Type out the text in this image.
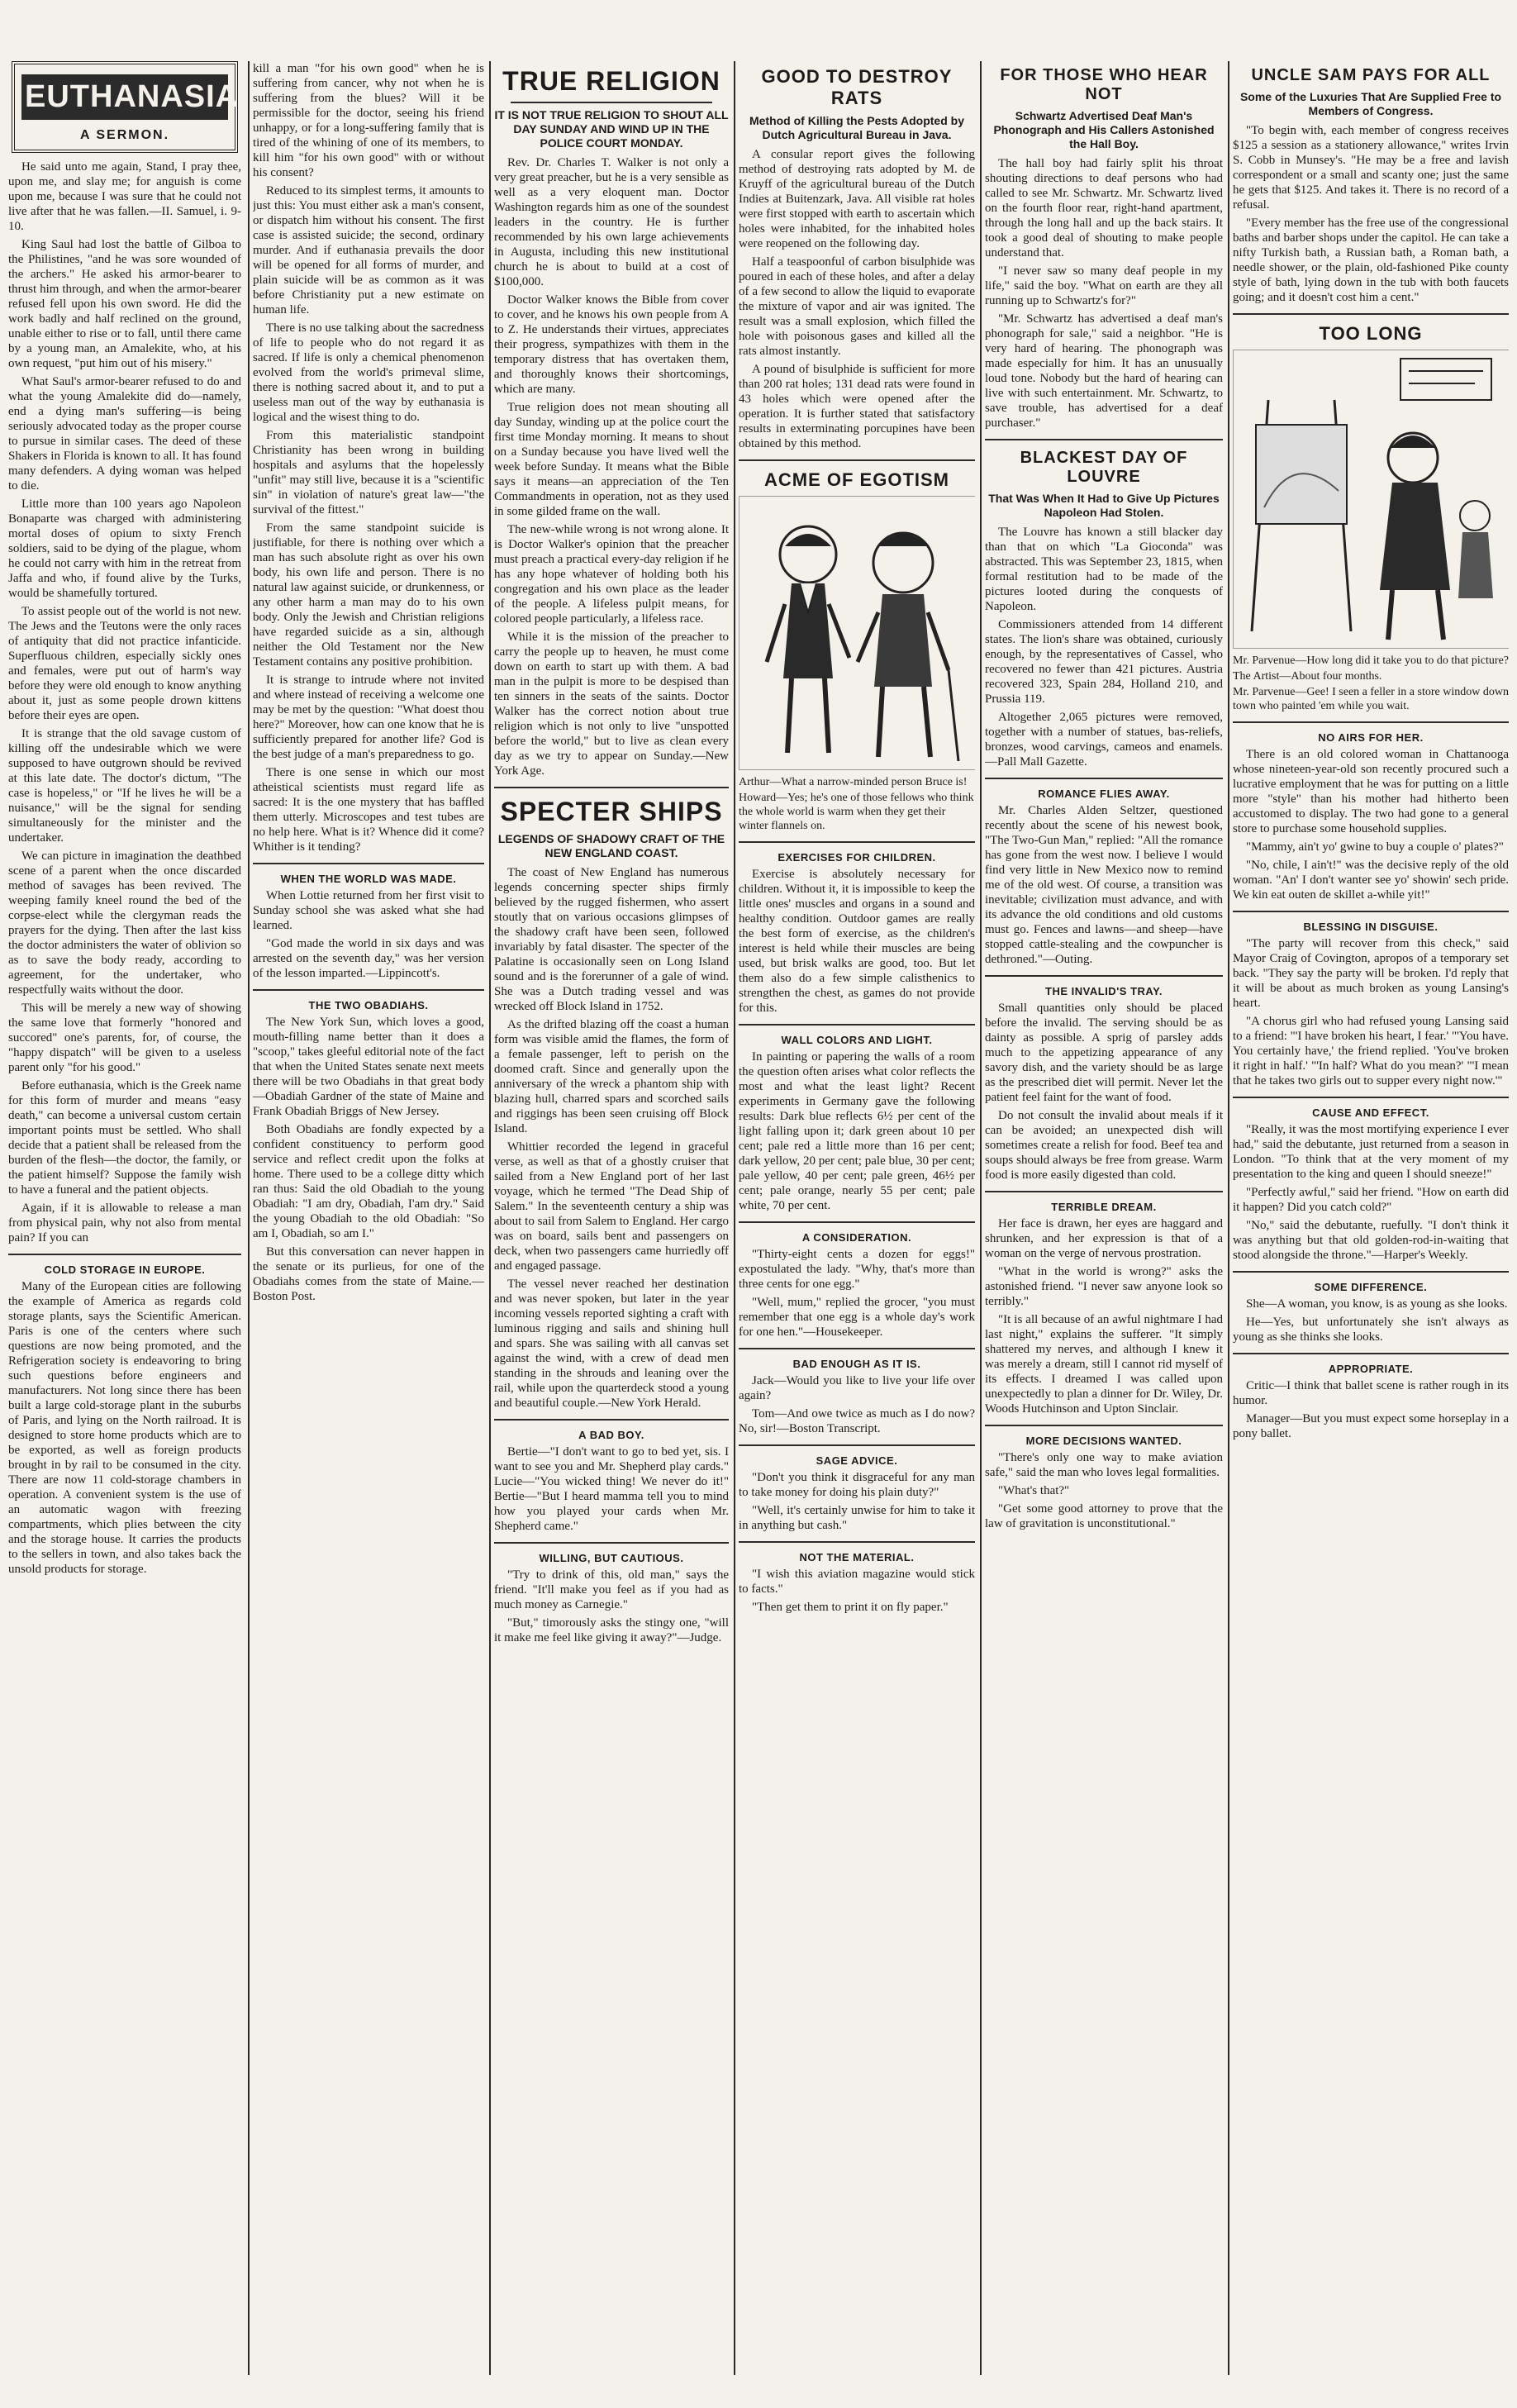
EUTHANASIA
A SERMON.

He said unto me again, Stand, I pray thee, upon me, and slay me; for anguish is come upon me, because I was sure that he could not live after that he was fallen.—II. Samuel, i. 9-10.

King Saul had lost the battle of Gilboa to the Philistines, "and he was sore wounded of the archers." He asked his armor-bearer to thrust him through, and when the armor-bearer refused fell upon his own sword. He did the work badly and half reclined on the ground, unable either to rise or to fall, until there came by a young man, an Amalekite, who, at his own request, "put him out of his misery."

What Saul's armor-bearer refused to do and what the young Amalekite did do—namely, end a dying man's suffering—is being seriously advocated today as the proper course to pursue in similar cases. The deed of these Shakers in Florida is known to all. It has found many defenders. A dying woman was helped to die.

Little more than 100 years ago Napoleon Bonaparte was charged with administering mortal doses of opium to sixty French soldiers, said to be dying of the plague, whom he could not carry with him in the retreat from Jaffa and who, if found alive by the Turks, would be shamefully tortured.

To assist people out of the world is not new. The Jews and the Teutons were the only races of antiquity that did not practice infanticide. Superfluous children, especially sickly ones and females, were put out of harm's way before they were old enough to know anything about it, just as some people drown kittens before their eyes are open.

It is strange that the old savage custom of killing off the undesirable which we were supposed to have outgrown should be revived at this late date. The doctor's dictum, "The case is hopeless," or "If he lives he will be a nuisance," will be the signal for sending simultaneously for the minister and the undertaker.

We can picture in imagination the deathbed scene of a parent when the once discarded method of savages has been revived. The weeping family kneel round the bed of the corpse-elect while the clergyman reads the prayers for the dying. Then after the last kiss the doctor administers the water of oblivion so as to save the body ready, according to agreement, for the undertaker, who respectfully waits without the door.

This will be merely a new way of showing the same love that formerly "honored and succored" one's parents, for, of course, the "happy dispatch" will be given to a useless parent only "for his good."

Before euthanasia, which is the Greek name for this form of murder and means "easy death," can become a universal custom certain important points must be settled. Who shall decide that a patient shall be released from the burden of the flesh—the doctor, the family, or the patient himself? Suppose the family wish to have a funeral and the patient objects.

Again, if it is allowable to release a man from physical pain, why not also from mental pain? If you can

COLD STORAGE IN EUROPE.

Many of the European cities are following the example of America as regards cold storage plants, says the Scientific American. Paris is one of the centers where such questions are now being promoted, and the Refrigeration society is endeavoring to bring such questions before engineers and manufacturers. Not long since there has been built a large cold-storage plant in the suburbs of Paris, and lying on the North railroad. It is designed to store home products which are to be exported, as well as foreign products brought in by rail to be consumed in the city. There are now 11 cold-storage chambers in operation. A convenient system is the use of an automatic wagon with freezing compartments, which plies between the city and the storage house. It carries the products to the sellers in town, and also takes back the unsold products for storage.

kill a man "for his own good" when he is suffering from cancer, why not when he is suffering from the blues? Will it be permissible for the doctor, seeing his friend unhappy, or for a long-suffering family that is tired of the whining of one of its members, to kill him "for his own good" with or without his consent?

Reduced to its simplest terms, it amounts to just this: You must either ask a man's consent, or dispatch him without his consent. The first case is assisted suicide; the second, ordinary murder. And if euthanasia prevails the door will be opened for all forms of murder, and plain suicide will be as common as it was before Christianity put a new estimate on human life.

There is no use talking about the sacredness of life to people who do not regard it as sacred. If life is only a chemical phenomenon evolved from the world's primeval slime, there is nothing sacred about it, and to put a useless man out of the way by euthanasia is logical and the wisest thing to do.

From this materialistic standpoint Christianity has been wrong in building hospitals and asylums that the hopelessly "unfit" may still live, because it is a "scientific sin" in violation of nature's great law—"the survival of the fittest."

From the same standpoint suicide is justifiable, for there is nothing over which a man has such absolute right as over his own body, his own life and person. There is no natural law against suicide, or drunkenness, or any other harm a man may do to his own body. Only the Jewish and Christian religions have regarded suicide as a sin, although neither the Old Testament nor the New Testament contains any positive prohibition.

It is strange to intrude where not invited and where instead of receiving a welcome one may be met by the question: "What doest thou here?" Moreover, how can one know that he is sufficiently prepared for another life? God is the best judge of a man's preparedness to go.

There is one sense in which our most atheistical scientists must regard life as sacred: It is the one mystery that has baffled them utterly. Microscopes and test tubes are no help here. What is it? Whence did it come? Whither is it tending?

WHEN THE WORLD WAS MADE.

When Lottie returned from her first visit to Sunday school she was asked what she had learned.

"God made the world in six days and was arrested on the seventh day," was her version of the lesson imparted.—Lippincott's.

THE TWO OBADIAHS.

The New York Sun, which loves a good, mouth-filling name better than it does a "scoop," takes gleeful editorial note of the fact that when the United States senate next meets there will be two Obadiahs in that great body—Obadiah Gardner of the state of Maine and Frank Obadiah Briggs of New Jersey.

Both Obadiahs are fondly expected by a confident constituency to perform good service and reflect credit upon the folks at home. There used to be a college ditty which ran thus: Said the old Obadiah to the young Obadiah: "I am dry, Obadiah, I'am dry." Said the young Obadiah to the old Obadiah: "So am I, Obadiah, so am I."

But this conversation can never happen in the senate or its purlieus, for one of the Obadiahs comes from the state of Maine.—Boston Post.

TRUE RELIGION
IT IS NOT TRUE RELIGION TO SHOUT ALL DAY SUNDAY AND WIND UP IN THE POLICE COURT MONDAY.

Rev. Dr. Charles T. Walker is not only a very great preacher, but he is a very sensible as well as a very eloquent man. Doctor Washington regards him as one of the soundest leaders in the country. He is further recommended by his own large achievements in Augusta, including this new institutional church he is about to build at a cost of $100,000.

Doctor Walker knows the Bible from cover to cover, and he knows his own people from A to Z. He understands their virtues, appreciates their progress, sympathizes with them in the temporary distress that has overtaken them, and thoroughly knows their shortcomings, which are many.

True religion does not mean shouting all day Sunday, winding up at the police court the first time Monday morning. It means to shout on a Sunday because you have lived well the week before Sunday. It means what the Bible says it means—an appreciation of the Ten Commandments in operation, not as they used in some gilded frame on the wall.

The new-while wrong is not wrong alone. It is Doctor Walker's opinion that the preacher must preach a practical every-day religion if he has any hope whatever of holding both his congregation and his own place as the leader of the people. A lifeless pulpit means, for colored people particularly, a lifeless race.

While it is the mission of the preacher to carry the people up to heaven, he must come down on earth to start up with them. A bad man in the pulpit is more to be despised than ten sinners in the seats of the saints. Doctor Walker has the correct notion about true religion which is not only to live "unspotted before the world," but to live as clean every day as we try to appear on Sunday.—New York Age.

SPECTER SHIPS
LEGENDS OF SHADOWY CRAFT OF THE NEW ENGLAND COAST.

The coast of New England has numerous legends concerning specter ships firmly believed by the rugged fishermen, who assert stoutly that on various occasions glimpses of the shadowy craft have been seen, followed invariably by fatal disaster. The specter of the Palatine is occasionally seen on Long Island sound and is the forerunner of a gale of wind. She was a Dutch trading vessel and was wrecked off Block Island in 1752.

As the drifted blazing off the coast a human form was visible amid the flames, the form of a female passenger, left to perish on the doomed craft. Since and generally upon the anniversary of the wreck a phantom ship with blazing hull, charred spars and scorched sails and riggings has been seen cruising off Block Island.

Whittier recorded the legend in graceful verse, as well as that of a ghostly cruiser that sailed from a New England port of her last voyage, which he termed "The Dead Ship of Salem." In the seventeenth century a ship was about to sail from Salem to England. Her cargo was on board, sails bent and passengers on deck, when two passengers came hurriedly off and engaged passage.

The vessel never reached her destination and was never spoken, but later in the year incoming vessels reported sighting a craft with luminous rigging and sails and shining hull and spars. She was sailing with all canvas set against the wind, with a crew of dead men standing in the shrouds and leaning over the rail, while upon the quarterdeck stood a young and beautiful couple.—New York Herald.

A BAD BOY.

Bertie—"I don't want to go to bed yet, sis. I want to see you and Mr. Shepherd play cards." Lucie—"You wicked thing! We never do it!" Bertie—"But I heard mamma tell you to mind how you played your cards when Mr. Shepherd came."

WILLING, BUT CAUTIOUS.

"Try to drink of this, old man," says the friend. "It'll make you feel as if you had as much money as Carnegie."

"But," timorously asks the stingy one, "will it make me feel like giving it away?"—Judge.

GOOD TO DESTROY RATS
Method of Killing the Pests Adopted by Dutch Agricultural Bureau in Java.

A consular report gives the following method of destroying rats adopted by M. de Kruyff of the agricultural bureau of the Dutch Indies at Buitenzark, Java. All visible rat holes were first stopped with earth to ascertain which holes were inhabited, for the inhabited holes were reopened on the following day.

Half a teaspoonful of carbon bisulphide was poured in each of these holes, and after a delay of a few second to allow the liquid to evaporate the mixture of vapor and air was ignited. The result was a small explosion, which filled the hole with poisonous gases and killed all the rats almost instantly.

A pound of bisulphide is sufficient for more than 200 rat holes; 131 dead rats were found in 43 holes which were opened after the operation. It is further stated that satisfactory results in exterminating porcupines have been obtained by this method.

ACME OF EGOTISM

Arthur—What a narrow-minded person Bruce is!

Howard—Yes; he's one of those fellows who think the whole world is warm when they get their winter flannels on.

EXERCISES FOR CHILDREN.

Exercise is absolutely necessary for children. Without it, it is impossible to keep the little ones' muscles and organs in a sound and healthy condition. Outdoor games are really the best form of exercise, as the children's interest is held while their muscles are being used, but brisk walks are good, too. But let them also do a few simple calisthenics to strengthen the chest, as games do not provide for this.

WALL COLORS AND LIGHT.

In painting or papering the walls of a room the question often arises what color reflects the most and what the least light? Recent experiments in Germany gave the following results: Dark blue reflects 6½ per cent of the light falling upon it; dark green about 10 per cent; pale red a little more than 16 per cent; dark yellow, 20 per cent; pale blue, 30 per cent; pale yellow, 40 per cent; pale green, 46½ per cent; pale orange, nearly 55 per cent; pale white, 70 per cent.

A CONSIDERATION.

"Thirty-eight cents a dozen for eggs!" expostulated the lady. "Why, that's more than three cents for one egg."

"Well, mum," replied the grocer, "you must remember that one egg is a whole day's work for one hen."—Housekeeper.

BAD ENOUGH AS IT IS.

Jack—Would you like to live your life over again?

Tom—And owe twice as much as I do now? No, sir!—Boston Transcript.

SAGE ADVICE.

"Don't you think it disgraceful for any man to take money for doing his plain duty?"

"Well, it's certainly unwise for him to take it in anything but cash."

NOT THE MATERIAL.

"I wish this aviation magazine would stick to facts."

"Then get them to print it on fly paper."

FOR THOSE WHO HEAR NOT
Schwartz Advertised Deaf Man's Phonograph and His Callers Astonished the Hall Boy.

The hall boy had fairly split his throat shouting directions to deaf persons who had called to see Mr. Schwartz. Mr. Schwartz lived on the fourth floor rear, right-hand apartment, through the long hall and up the back stairs. It took a good deal of shouting to make people understand that.

"I never saw so many deaf people in my life," said the boy. "What on earth are they all running up to Schwartz's for?"

"Mr. Schwartz has advertised a deaf man's phonograph for sale," said a neighbor. "He is very hard of hearing. The phonograph was made especially for him. It has an unusually loud tone. Nobody but the hard of hearing can live with such entertainment. Mr. Schwartz, to save trouble, has advertised for a deaf purchaser."

BLACKEST DAY OF LOUVRE
That Was When It Had to Give Up Pictures Napoleon Had Stolen.

The Louvre has known a still blacker day than that on which "La Gioconda" was abstracted. This was September 23, 1815, when formal restitution had to be made of the pictures looted during the conquests of Napoleon.

Commissioners attended from 14 different states. The lion's share was obtained, curiously enough, by the representatives of Cassel, who recovered no fewer than 421 pictures. Austria recovered 323, Spain 284, Holland 210, and Prussia 119.

Altogether 2,065 pictures were removed, together with a number of statues, bas-reliefs, bronzes, wood carvings, cameos and enamels.—Pall Mall Gazette.

ROMANCE FLIES AWAY.

Mr. Charles Alden Seltzer, questioned recently about the scene of his newest book, "The Two-Gun Man," replied: "All the romance has gone from the west now. I believe I would find very little in New Mexico now to remind me of the old west. Of course, a transition was inevitable; civilization must advance, and with its advance the old conditions and old customs must go. Fences and lawns—and sheep—have stopped cattle-stealing and the cowpuncher is dethroned."—Outing.

THE INVALID'S TRAY.

Small quantities only should be placed before the invalid. The serving should be as dainty as possible. A sprig of parsley adds much to the appetizing appearance of any savory dish, and the variety should be as large as the prescribed diet will permit. Never let the patient feel faint for the want of food.

Do not consult the invalid about meals if it can be avoided; an unexpected dish will sometimes create a relish for food. Beef tea and soups should always be free from grease. Warm food is more easily digested than cold.

TERRIBLE DREAM.

Her face is drawn, her eyes are haggard and shrunken, and her expression is that of a woman on the verge of nervous prostration.

"What in the world is wrong?" asks the astonished friend. "I never saw anyone look so terribly."

"It is all because of an awful nightmare I had last night," explains the sufferer. "It simply shattered my nerves, and although I knew it was merely a dream, still I cannot rid myself of its effects. I dreamed I was called upon unexpectedly to plan a dinner for Dr. Wiley, Dr. Woods Hutchinson and Upton Sinclair.

MORE DECISIONS WANTED.

"There's only one way to make aviation safe," said the man who loves legal formalities.

"What's that?"

"Get some good attorney to prove that the law of gravitation is unconstitutional."

UNCLE SAM PAYS FOR ALL
Some of the Luxuries That Are Supplied Free to Members of Congress.

"To begin with, each member of congress receives $125 a session as a stationery allowance," writes Irvin S. Cobb in Munsey's. "He may be a free and lavish correspondent or a small and scanty one; just the same he gets that $125. And takes it. There is no record of a refusal.

"Every member has the free use of the congressional baths and barber shops under the capitol. He can take a nifty Turkish bath, a Russian bath, a Roman bath, a needle shower, or the plain, old-fashioned Pike county style of bath, lying down in the tub with both faucets going; and it doesn't cost him a cent."

TOO LONG

Mr. Parvenue—How long did it take you to do that picture?

The Artist—About four months.

Mr. Parvenue—Gee! I seen a feller in a store window down town who painted 'em while you wait.

NO AIRS FOR HER.

There is an old colored woman in Chattanooga whose nineteen-year-old son recently procured such a lucrative employment that he was for putting on a little more "style" than his mother had hitherto been accustomed to display. The two had gone to a general store to purchase some household supplies.

"Mammy, ain't yo' gwine to buy a couple o' plates?"

"No, chile, I ain't!" was the decisive reply of the old woman. "An' I don't wanter see yo' showin' sech pride. We kin eat outen de skillet a-while yit!"

BLESSING IN DISGUISE.

"The party will recover from this check," said Mayor Craig of Covington, apropos of a temporary set back. "They say the party will be broken. I'd reply that it will be about as much broken as young Lansing's heart.

"A chorus girl who had refused young Lansing said to a friend: "'I have broken his heart, I fear.' "'You have. You certainly have,' the friend replied. 'You've broken it right in half.' "'In half? What do you mean?' "'I mean that he takes two girls out to supper every night now.'"

CAUSE AND EFFECT.

"Really, it was the most mortifying experience I ever had," said the debutante, just returned from a season in London. "To think that at the very moment of my presentation to the king and queen I should sneeze!"

"Perfectly awful," said her friend. "How on earth did it happen? Did you catch cold?"

"No," said the debutante, ruefully. "I don't think it was anything but that old golden-rod-in-waiting that stood alongside the throne."—Harper's Weekly.

SOME DIFFERENCE.

She—A woman, you know, is as young as she looks.

He—Yes, but unfortunately she isn't always as young as she thinks she looks.

APPROPRIATE.

Critic—I think that ballet scene is rather rough in its humor.

Manager—But you must expect some horseplay in a pony ballet.
